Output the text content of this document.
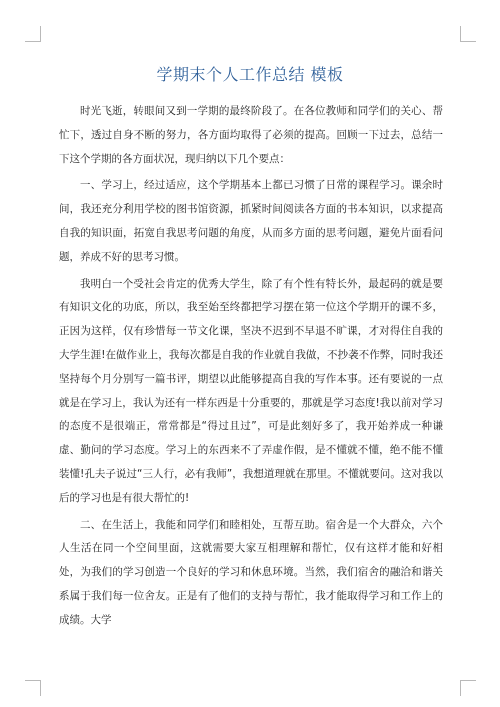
学期末个人工作总结 模板

时光飞逝，转眼间又到一学期的最终阶段了。在各位教师和同学们的关心、帮忙下，透过自身不断的努力，各方面均取得了必须的提高。回顾一下过去，总结一下这个学期的各方面状况，现归纳以下几个要点：

一、学习上，经过适应，这个学期基本上都已习惯了日常的课程学习。课余时间，我还充分利用学校的图书馆资源，抓紧时间阅读各方面的书本知识，以求提高自我的知识面，拓宽自我思考问题的角度，从而多方面的思考问题，避免片面看问题，养成不好的思考习惯。

我明白一个受社会肯定的优秀大学生，除了有个性有特长外，最起码的就是要有知识文化的功底，所以，我至始至终都把学习摆在第一位这个学期开的课不多，正因为这样，仅有珍惜每一节文化课，坚决不迟到不早退不旷课，才对得住自我的大学生涯!在做作业上，我每次都是自我的作业就自我做，不抄袭不作弊，同时我还坚持每个月分别写一篇书评，期望以此能够提高自我的写作本事。还有要说的一点就是在学习上，我认为还有一样东西是十分重要的，那就是学习态度!我以前对学习的态度不是很端正，常常都是“得过且过”，可是此刻好多了，我开始养成一种谦虚、勤问的学习态度。学习上的东西来不了弄虚作假，是不懂就不懂，绝不能不懂装懂!孔夫子说过“三人行，必有我师”，我想道理就在那里。不懂就要问。这对我以后的学习也是有很大帮忙的!

二、在生活上，我能和同学们和睦相处，互帮互助。宿舍是一个大群众，六个人生活在同一个空间里面，这就需要大家互相理解和帮忙，仅有这样才能和好相处，为我们的学习创造一个良好的学习和休息环境。当然，我们宿舍的融洽和谐关系属于我们每一位舍友。正是有了他们的支持与帮忙，我才能取得学习和工作上的成绩。大学
